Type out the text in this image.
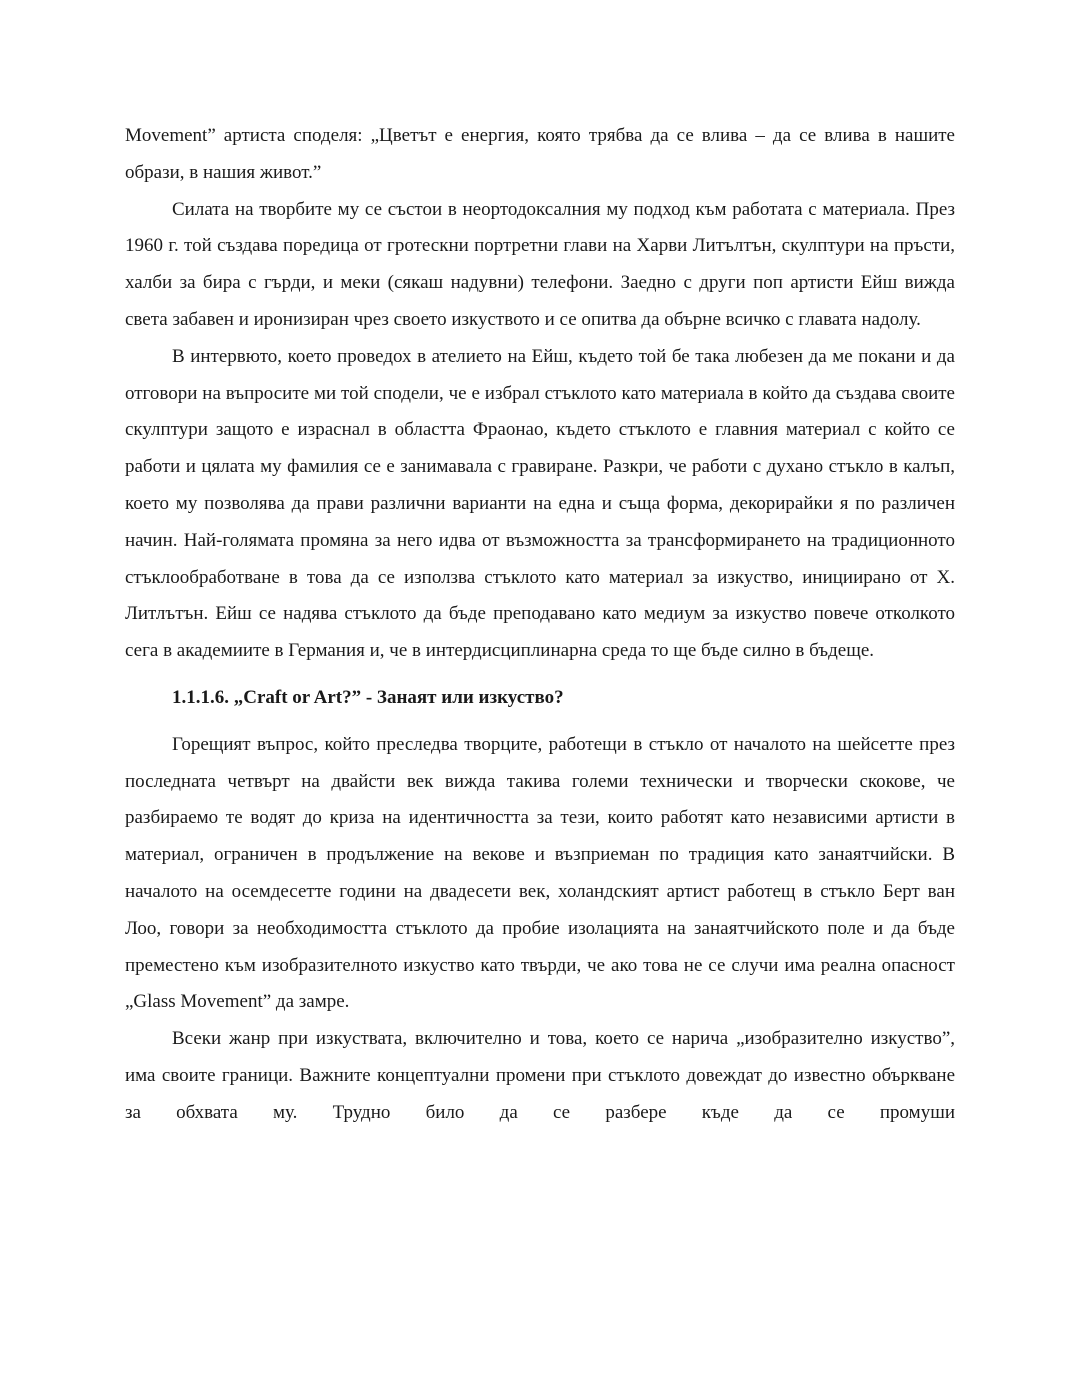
Movement” артиста споделя: „Цветът е енергия, която трябва да се влива – да се влива в нашите образи, в нашия живот.”

Силата на творбите му се състои в неортодоксалния му подход към работата с материала. През 1960 г. той създава поредица от гротескни портретни глави на Харви Литълтън, скулптури на пръсти, халби за бира с гърди, и меки (сякаш надувни) телефони. Заедно с други поп артисти Ейш вижда света забавен и иронизиран чрез своето изкуството и се опитва да обърне всичко с главата надолу.

В интервюто, което проведох в ателието на Ейш, където той бе така любезен да ме покани и да отговори на въпросите ми той сподели, че е избрал стъклото като материала в който да създава своите скулптури защото е израснал в областта Фраонао, където стъклото е главния материал с който се работи и цялата му фамилия се е занимавала с гравиране. Разкри, че работи с духано стъкло в калъп, което му позволява да прави различни варианти на една и съща форма, декорирайки я по различен начин. Най-голямата промяна за него идва от възможността за трансформирането на традиционното стъклообработване в това да се използва стъклото като материал за изкуство, инициирано от Х. Литлътън. Ейш се надява стъклото да бъде преподавано като медиум за изкуство повече отколкото сега в академиите в Германия и, че в интердисциплинарна среда то ще бъде силно в бъдеще.

1.1.1.6. „Craft or Art?” - Занаят или изкуство?

Горещият въпрос, който преследва творците, работещи в стъкло от началото на шейсетте през последната четвърт на двайсти век вижда такива големи технически и творчески скокове, че разбираемо те водят до криза на идентичността за тези, които работят като независими артисти в материал, ограничен в продължение на векове и възприеман по традиция като занаятчийски. В началото на осемдесетте години на двадесети век, холандският артист работещ в стъкло Берт ван Лоо, говори за необходимостта стъклото да пробие изолацията на занаятчийското поле и да бъде преместено към изобразителното изкуство като твърди, че ако това не се случи има реална опасност „Glass Movement” да замре.

Всеки жанр при изкуствата, включително и това, което се нарича „изобразително изкуство”, има своите граници. Важните концептуални промени при стъклото довеждат до известно объркване за обхвата му. Трудно било да се разбере къде да се промуши
